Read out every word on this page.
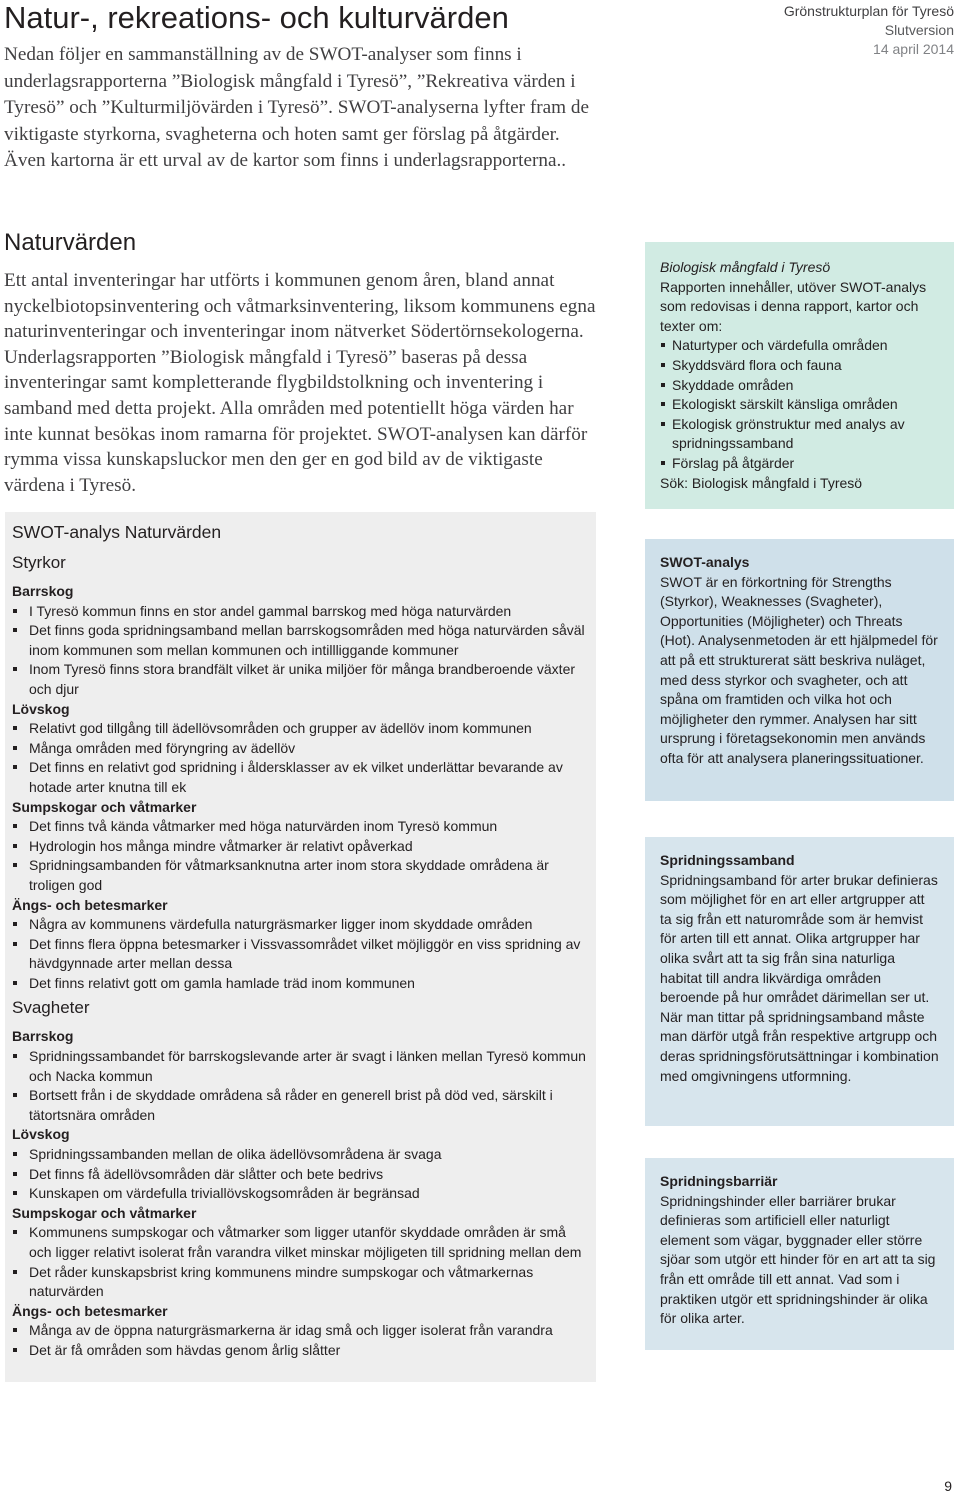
Natur-, rekreations- och kulturvärden

Nedan följer en sammanställning av de SWOT-analyser som finns i underlagsrapporterna ”Biologisk mångfald i Tyresö”, ”Rekreativa värden i Tyresö” och ”Kulturmiljövärden i Tyresö”. SWOT-analyserna lyfter fram de viktigaste styrkorna, svagheterna och hoten samt ger förslag på åtgärder. Även kartorna är ett urval av de kartor som finns i underlagsrapporterna..

Grönstrukturplan för Tyresö
Slutversion
14 april 2014
Naturvärden

Ett antal inventeringar har utförts i kommunen genom åren, bland annat nyckelbiotopsinventering och våtmarksinventering, liksom kommunens egna naturinventeringar och inventeringar inom nätverket Södertörnsekologerna. Underlagsrapporten ”Biologisk mångfald i Tyresö” baseras på dessa inventeringar samt kompletterande flygbildstolkning och inventering i samband med detta projekt. Alla områden med potentiellt höga värden har inte kunnat besökas inom ramarna för projektet. SWOT-analysen kan därför rymma vissa kunskapsluckor men den ger en god bild av de viktigaste värdena i Tyresö.

SWOT-analys Naturvärden
Styrkor
Barrskog
I Tyresö kommun finns en stor andel gammal barrskog med höga naturvärden
Det finns goda spridningsamband mellan barrskogsområden med höga naturvärden såväl inom kommunen som mellan kommunen och intillliggande kommuner
Inom Tyresö finns stora brandfält vilket är unika miljöer för många brandberoende växter och djur
Lövskog
Relativt god tillgång till ädellövsområden och grupper av ädellöv inom kommunen
Många områden med föryngring av ädellöv
Det finns en relativt god spridning i åldersklasser av ek vilket underlättar bevarande av hotade arter knutna till ek
Sumpskogar och våtmarker
Det finns två kända våtmarker med höga naturvärden inom Tyresö kommun
Hydrologin hos många mindre våtmarker är relativt opåverkad
Spridningsambanden för våtmarksanknutna arter inom stora skyddade områdena är troligen god
Ängs- och betesmarker
Några av kommunens värdefulla naturgräsmarker ligger inom skyddade områden
Det finns flera öppna betesmarker i Vissvassområdet vilket möjliggör en viss spridning av hävdgynnade arter mellan dessa
Det finns relativt gott om gamla hamlade träd inom kommunen
Svagheter
Barrskog
Spridningssambandet för barrskogslevande arter är svagt i länken mellan Tyresö kommun och Nacka kommun
Bortsett från i de skyddade områdena så råder en generell brist på död ved, särskilt i tätortsnära områden
Lövskog
Spridningssambanden mellan de olika ädellövsområdena är svaga
Det finns få ädellövsområden där slåtter och bete bedrivs
Kunskapen om värdefulla triviallövskogsområden är begränsad
Sumpskogar och våtmarker
Kommunens sumpskogar och våtmarker som ligger utanför skyddade områden är små och ligger relativt isolerat från varandra vilket minskar möjligeten till spridning mellan dem
Det råder kunskapsbrist kring kommunens mindre sumpskogar och våtmarkernas naturvärden
Ängs- och betesmarker
Många av de öppna naturgräsmarkerna är idag små och ligger isolerat från varandra
Det är få områden som hävdas genom årlig slåtter
Biologisk mångfald i Tyresö
Rapporten innehåller, utöver SWOT-analys som redovisas i denna rapport, kartor och texter om:
Naturtyper och värdefulla områden
Skyddsvärd flora och fauna
Skyddade områden
Ekologiskt särskilt känsliga områden
Ekologisk grönstruktur med analys av spridningssamband
Förslag på åtgärder
Sök: Biologisk mångfald i Tyresö
SWOT-analys
SWOT är en förkortning för Strengths (Styrkor), Weaknesses (Svagheter), Opportunities (Möjligheter) och Threats (Hot). Analysenmetoden är ett hjälpmedel för att på ett strukturerat sätt beskriva nuläget, med dess styrkor och svagheter, och att spåna om framtiden och vilka hot och möjligheter den rymmer. Analysen har sitt ursprung i företagsekonomin men används ofta för att analysera planeringssituationer.
Spridningssamband
Spridningsamband för arter brukar definieras som möjlighet för en art eller artgrupper att ta sig från ett naturområde som är hemvist för arten till ett annat. Olika artgrupper har olika svårt att ta sig från sina naturliga habitat till andra likvärdiga områden beroende på hur området därimellan ser ut. När man tittar på spridningsamband måste man därför utgå från respektive artgrupp och deras spridningsförutsättningar i kombination med omgivningens utformning.
Spridningsbarriär
Spridningshinder eller barriärer brukar definieras som artificiell eller naturligt element som vägar, byggnader eller större sjöar som utgör ett hinder för en art att ta sig från ett område till ett annat. Vad som i praktiken utgör ett spridningshinder är olika för olika arter.
9
